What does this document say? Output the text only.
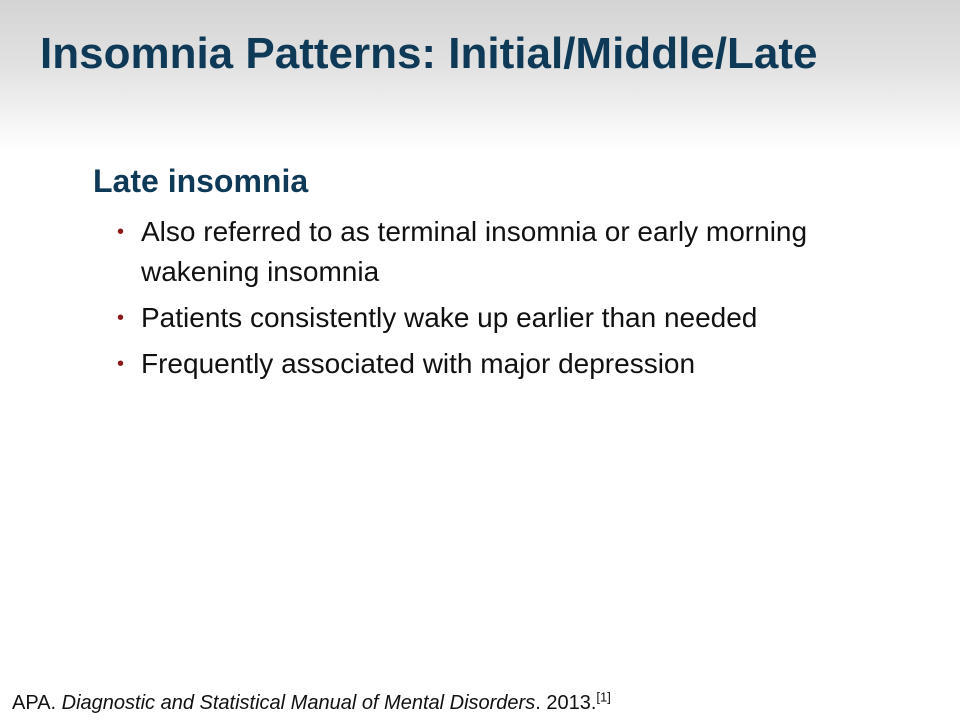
Insomnia Patterns: Initial/Middle/Late
Late insomnia
• Also referred to as terminal insomnia or early morning wakening insomnia
• Patients consistently wake up earlier than needed
• Frequently associated with major depression
APA. Diagnostic and Statistical Manual of Mental Disorders. 2013.[1]
